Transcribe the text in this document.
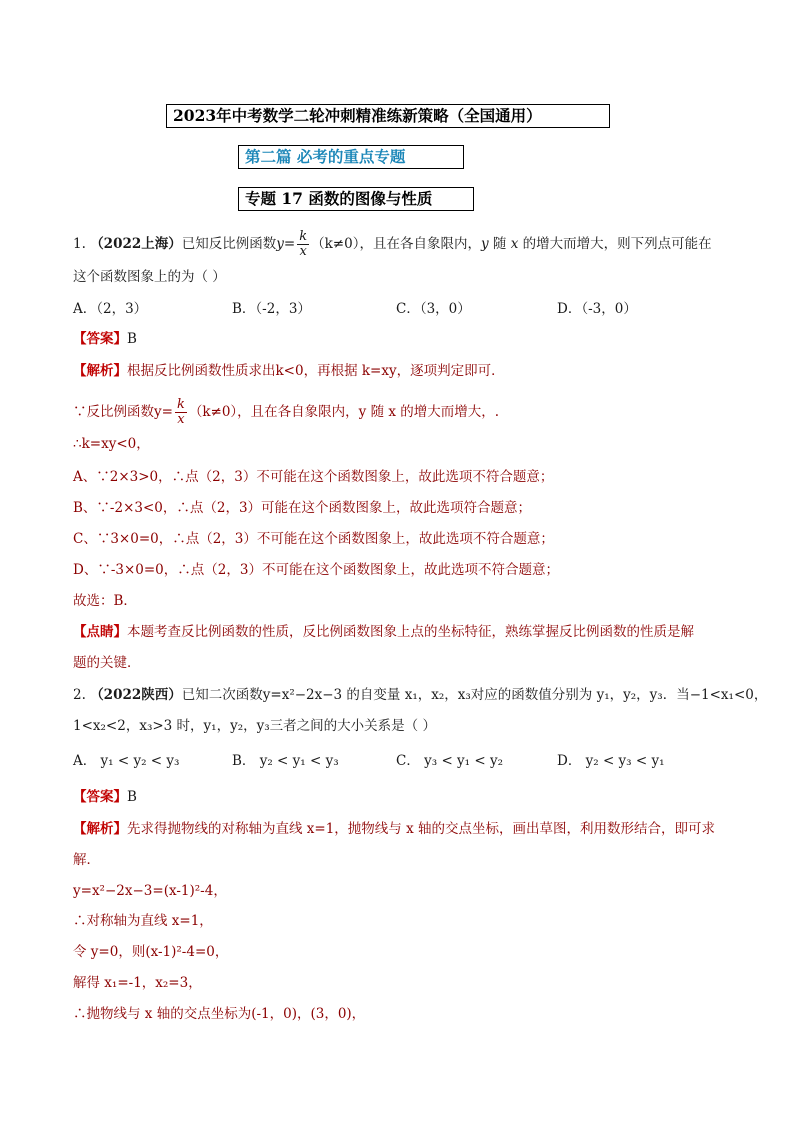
2023年中考数学二轮冲刺精准练新策略（全国通用）
第二篇 必考的重点专题
专题 17 函数的图像与性质
1. （2022上海）已知反比例函数$y= \frac{k}{x} (k\ne 0)$，且在各自象限内，y 随 x 的增大而增大，则下列点可能在
这个函数图象上的为（ ）
A．（2，3）	B．（-2，3）	C．（3，0）	D．（-3，0）
【答案】B
【解析】根据反比例函数性质求出k<0，再根据 k=xy，逐项判定即可．
∵反比例函数$y= \frac{k}{x} (k\ne 0)$，且在各自象限内，y 随 x 的增大而增大，.
∴k=xy<0，
A、∵2×3>0，∴点（2，3）不可能在这个函数图象上，故此选项不符合题意；
B、∵-2×3<0，∴点（2，3）可能在这个函数图象上，故此选项符合题意；
C、∵3×0=0，∴点（2，3）不可能在这个函数图象上，故此选项不符合题意；
D、∵-3×0=0，∴点（2，3）不可能在这个函数图象上，故此选项不符合题意；
故选：B．
【点睛】本题考查反比例函数的性质，反比例函数图象上点的坐标特征，熟练掌握反比例函数的性质是解
题的关键．
2. （2022陕西）已知二次函数y=x²−2x−3 的自变量 x₁，x₂，x₃对应的函数值分别为 y₁，y₂，y₃．当−1<x₁<0，
1<x₂<2，x₃>3 时，y₁，y₂，y₃三者之间的大小关系是（ ）
A． y₁ < y₂ < y₃	B． y₂ < y₁ < y₃	C． y₃ < y₁ < y₂	D． y₂ < y₃ < y₁
【答案】B
【解析】先求得抛物线的对称轴为直线 x=1，抛物线与 x 轴的交点坐标，画出草图，利用数形结合，即可求
解．
y=x²−2x−3=(x-1)²-4，
∴对称轴为直线 x=1，
令 y=0，则(x-1)²-4=0，
解得 x₁=-1，x₂=3，
∴抛物线与 x 轴的交点坐标为(-1，0)，(3，0)，
